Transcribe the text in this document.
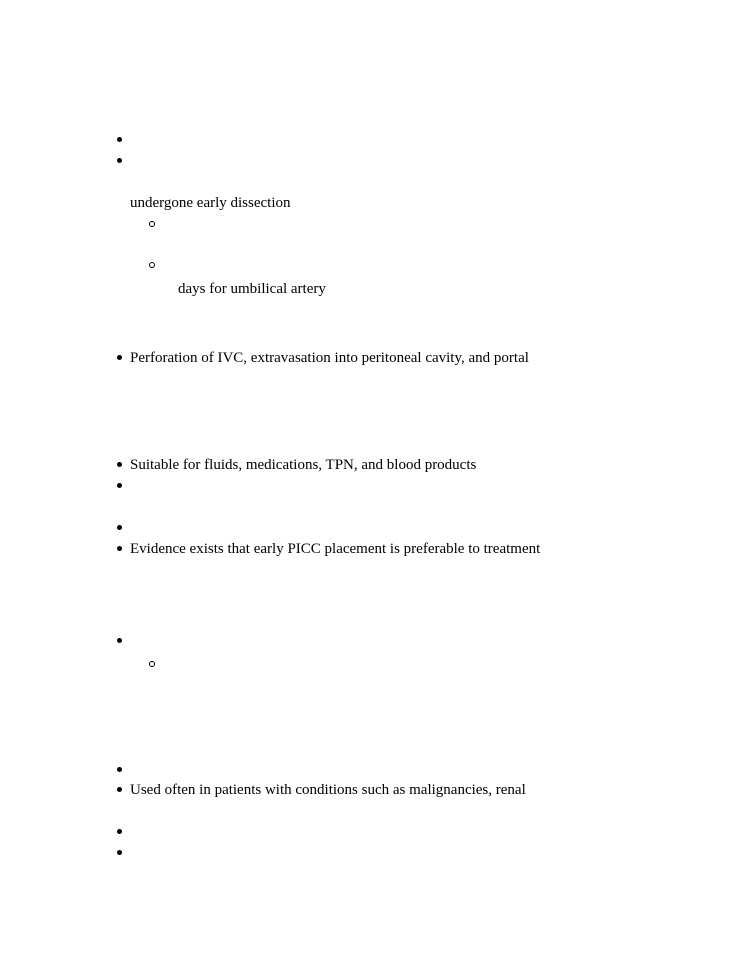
undergone early dissection
days for umbilical artery
Perforation of IVC, extravasation into peritoneal cavity, and portal
Suitable for fluids, medications, TPN, and blood products
Evidence exists that early PICC placement is preferable to treatment
Used often in patients with conditions such as malignancies, renal
